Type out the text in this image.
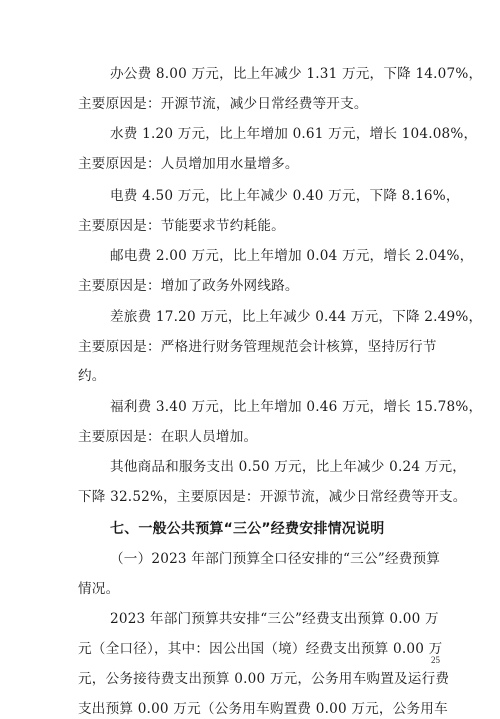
办公费 8.00 万元，比上年减少 1.31 万元，下降 14.07%，
主要原因是：开源节流，减少日常经费等开支。
水费 1.20 万元，比上年增加 0.61 万元，增长 104.08%，
主要原因是：人员增加用水量增多。
电费 4.50 万元，比上年减少 0.40 万元，下降 8.16%，
主要原因是：节能要求节约耗能。
邮电费 2.00 万元，比上年增加 0.04 万元，增长 2.04%，
主要原因是：增加了政务外网线路。
差旅费 17.20 万元，比上年减少 0.44 万元，下降 2.49%，
主要原因是：严格进行财务管理规范会计核算，坚持厉行节
约。
福利费 3.40 万元，比上年增加 0.46 万元，增长 15.78%，
主要原因是：在职人员增加。
其他商品和服务支出 0.50 万元，比上年减少 0.24 万元，
下降 32.52%，主要原因是：开源节流，减少日常经费等开支。
七、一般公共预算“三公”经费安排情况说明
（一）2023 年部门预算全口径安排的“三公”经费预算
情况。
2023 年部门预算共安排“三公”经费支出预算 0.00 万
元（全口径），其中：因公出国（境）经费支出预算 0.00 万
元，公务接待费支出预算 0.00 万元，公务用车购置及运行费
支出预算 0.00 万元（公务用车购置费 0.00 万元，公务用车
25
